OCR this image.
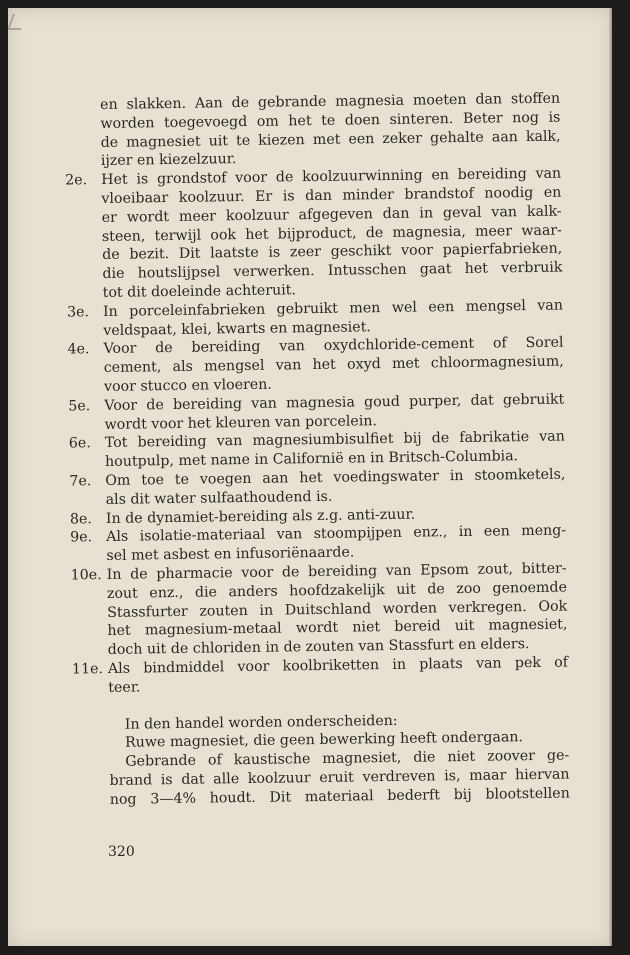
en slakken. Aan de gebrande magnesia moeten dan stoffen
worden toegevoegd om het te doen sinteren. Beter nog is
de magnesiet uit te kiezen met een zeker gehalte aan kalk,
ijzer en kiezelzuur.
2e. Het is grondstof voor de koolzuurwinning en bereiding van
vloeibaar koolzuur. Er is dan minder brandstof noodig en
er wordt meer koolzuur afgegeven dan in geval van kalk-
steen, terwijl ook het bijproduct, de magnesia, meer waar-
de bezit. Dit laatste is zeer geschikt voor papierfabrieken,
die houtslijpsel verwerken. Intusschen gaat het verbruik
tot dit doeleinde achteruit.
3e. In porceleinfabrieken gebruikt men wel een mengsel van
veldspaat, klei, kwarts en magnesiet.
4e. Voor de bereiding van oxydchloride-cement of Sorel
cement, als mengsel van het oxyd met chloormagnesium,
voor stucco en vloeren.
5e. Voor de bereiding van magnesia goud purper, dat gebruikt
wordt voor het kleuren van porcelein.
6e. Tot bereiding van magnesiumbisulfiet bij de fabrikatie van
houtpulp, met name in Californië en in Britsch-Columbia.
7e. Om toe te voegen aan het voedingswater in stoomketels,
als dit water sulfaathoudend is.
8e. In de dynamiet-bereiding als z.g. anti-zuur.
9e. Als isolatie-materiaal van stoompijpen enz., in een meng-
sel met asbest en infusoriënaarde.
10e. In de pharmacie voor de bereiding van Epsom zout, bitter-
zout enz., die anders hoofdzakelijk uit de zoo genoemde
Stassfurter zouten in Duitschland worden verkregen. Ook
het magnesium-metaal wordt niet bereid uit magnesiet,
doch uit de chloriden in de zouten van Stassfurt en elders.
11e. Als bindmiddel voor koolbriketten in plaats van pek of
teer.
In den handel worden onderscheiden:
Ruwe magnesiet, die geen bewerking heeft ondergaan.
Gebrande of kaustische magnesiet, die niet zoover ge-
brand is dat alle koolzuur eruit verdreven is, maar hiervan
nog 3—4% houdt. Dit materiaal bederft bij blootstellen
320
